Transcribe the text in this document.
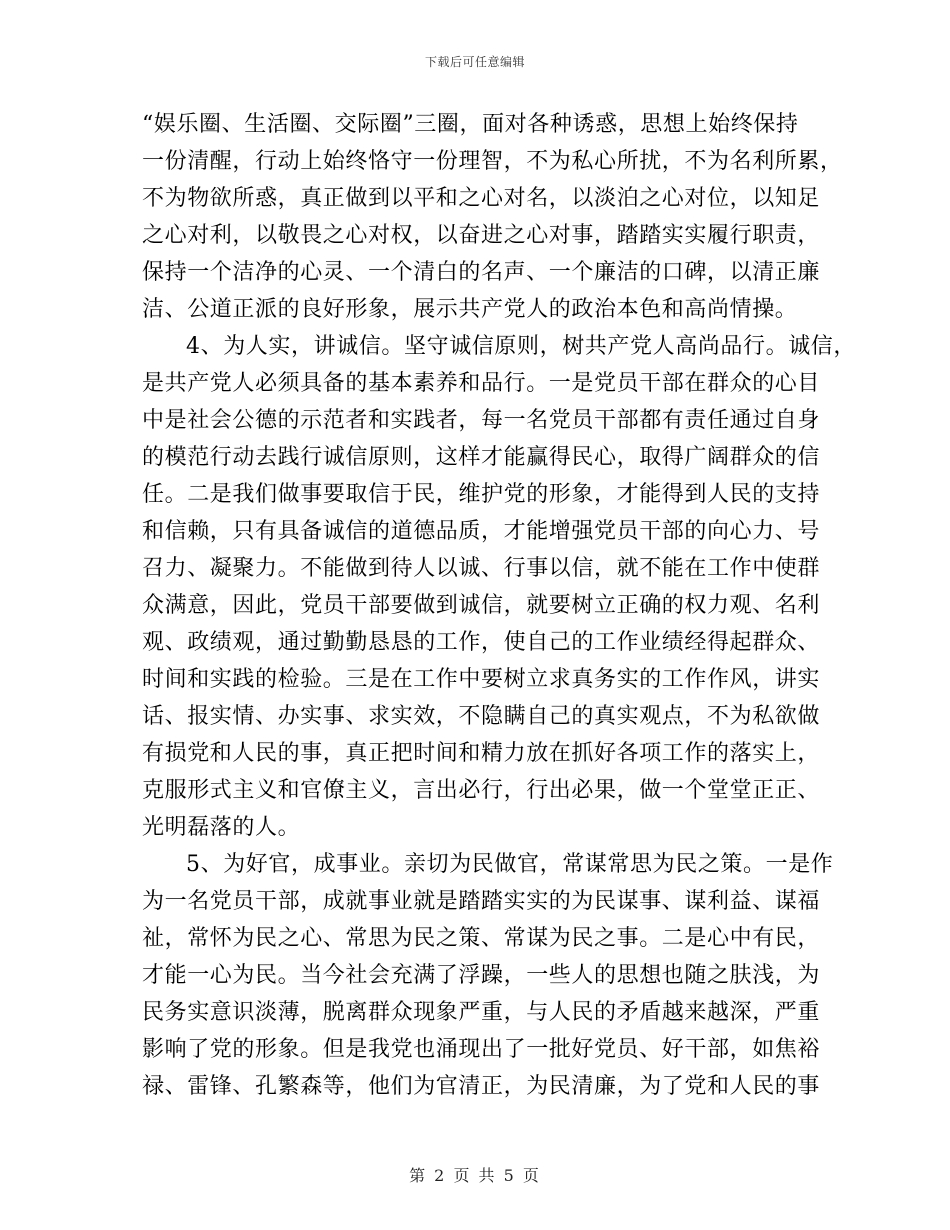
下载后可任意编辑
“娱乐圈、生活圈、交际圈”三圈，面对各种诱惑，思想上始终保持
一份清醒，行动上始终恪守一份理智，不为私心所扰，不为名利所累，
不为物欲所惑，真正做到以平和之心对名，以淡泊之心对位，以知足
之心对利，以敬畏之心对权，以奋进之心对事，踏踏实实履行职责，
保持一个洁净的心灵、一个清白的名声、一个廉洁的口碑，以清正廉
洁、公道正派的良好形象，展示共产党人的政治本色和高尚情操。
4、为人实，讲诚信。坚守诚信原则，树共产党人高尚品行。诚信，
是共产党人必须具备的基本素养和品行。一是党员干部在群众的心目
中是社会公德的示范者和实践者，每一名党员干部都有责任通过自身
的模范行动去践行诚信原则，这样才能赢得民心，取得广阔群众的信
任。二是我们做事要取信于民，维护党的形象，才能得到人民的支持
和信赖，只有具备诚信的道德品质，才能增强党员干部的向心力、号
召力、凝聚力。不能做到待人以诚、行事以信，就不能在工作中使群
众满意，因此，党员干部要做到诚信，就要树立正确的权力观、名利
观、政绩观，通过勤勤恳恳的工作，使自己的工作业绩经得起群众、
时间和实践的检验。三是在工作中要树立求真务实的工作作风，讲实
话、报实情、办实事、求实效，不隐瞒自己的真实观点，不为私欲做
有损党和人民的事，真正把时间和精力放在抓好各项工作的落实上，
克服形式主义和官僚主义，言出必行，行出必果，做一个堂堂正正、
光明磊落的人。
5、为好官，成事业。亲切为民做官，常谋常思为民之策。一是作
为一名党员干部，成就事业就是踏踏实实的为民谋事、谋利益、谋福
祉，常怀为民之心、常思为民之策、常谋为民之事。二是心中有民，
才能一心为民。当今社会充满了浮躁，一些人的思想也随之肤浅，为
民务实意识淡薄，脱离群众现象严重，与人民的矛盾越来越深，严重
影响了党的形象。但是我党也涌现出了一批好党员、好干部，如焦裕
禄、雷锋、孔繁森等，他们为官清正，为民清廉，为了党和人民的事
第 2 页 共 5 页
